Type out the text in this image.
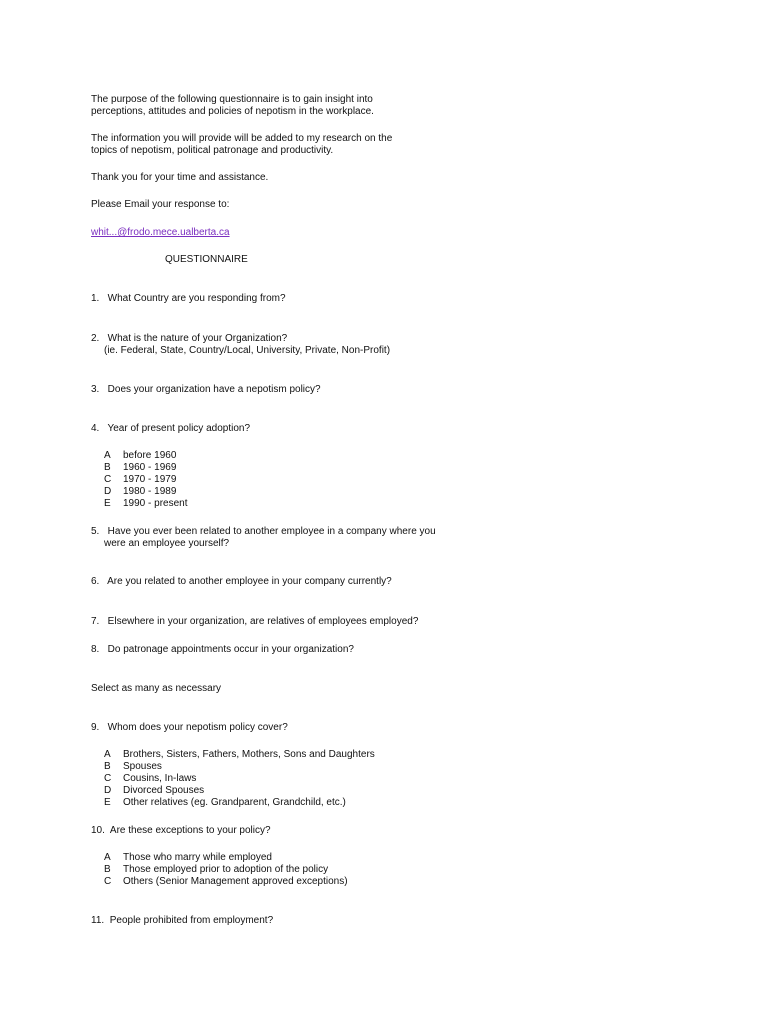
The purpose of the following questionnaire is to gain insight into
perceptions, attitudes and policies of nepotism in the workplace.
The information you will provide will be added to my research on the
topics of nepotism, political patronage and productivity.
Thank you for your time and assistance.
Please Email your response to:
whit...@frodo.mece.ualberta.ca
QUESTIONNAIRE
1.   What Country are you responding from?
2.   What is the nature of your Organization?
(ie. Federal, State, Country/Local, University, Private, Non-Profit)
3.   Does your organization have a nepotism policy?
4.   Year of present policy adoption?
A before 1960
B 1960 - 1969
C 1970 - 1979
D 1980 - 1989
E 1990 - present
5.   Have you ever been related to another employee in a company where you
were an employee yourself?
6.   Are you related to another employee in your company currently?
7.   Elsewhere in your organization, are relatives of employees employed?
8.   Do patronage appointments occur in your organization?
Select as many as necessary
9.   Whom does your nepotism policy cover?
A Brothers, Sisters, Fathers, Mothers, Sons and Daughters
B Spouses
C Cousins, In-laws
D Divorced Spouses
E Other relatives (eg. Grandparent, Grandchild, etc.)
10.  Are these exceptions to your policy?
A Those who marry while employed
B Those employed prior to adoption of the policy
C Others (Senior Management approved exceptions)
11.  People prohibited from employment?
